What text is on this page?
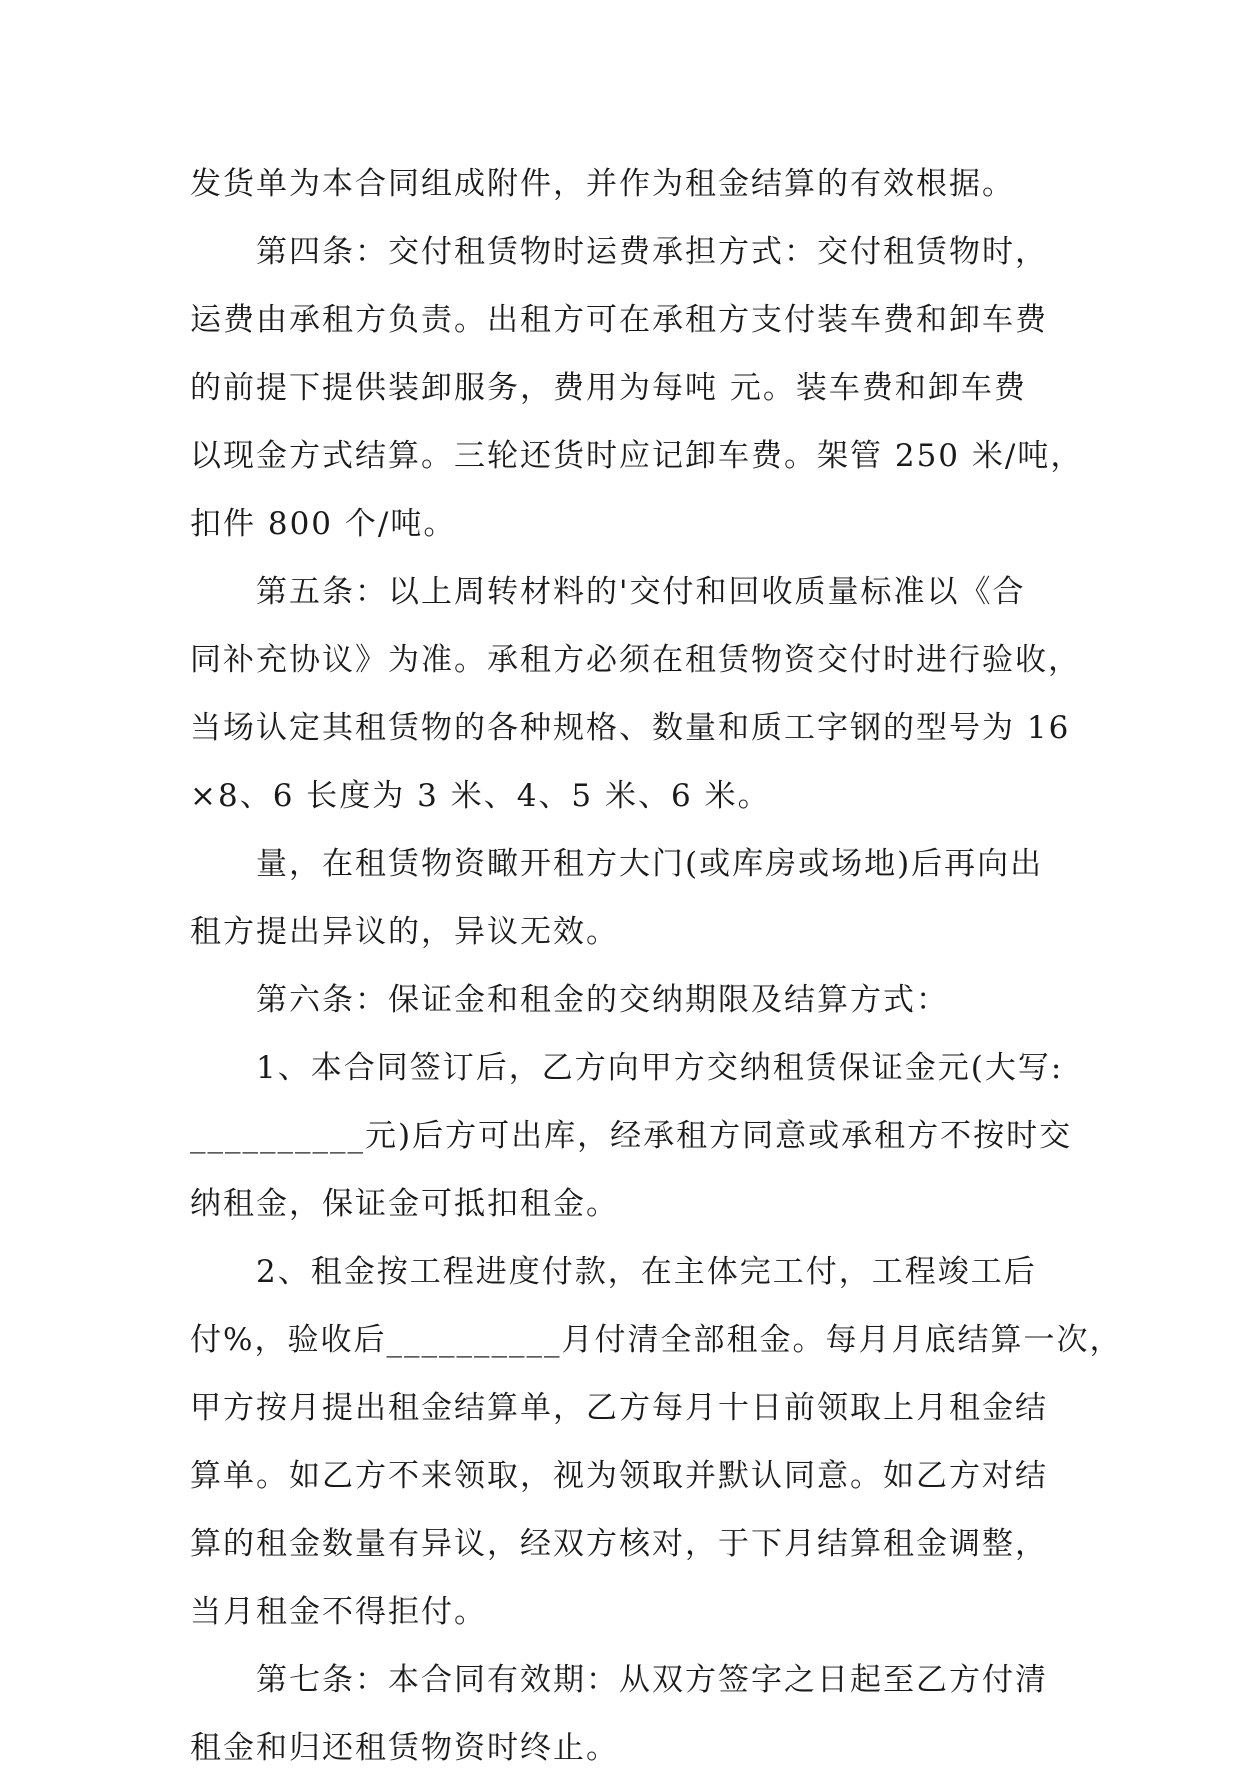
发货单为本合同组成附件，并作为租金结算的有效根据。
第四条：交付租赁物时运费承担方式：交付租赁物时，
运费由承租方负责。出租方可在承租方支付装车费和卸车费
的前提下提供装卸服务，费用为每吨 元。装车费和卸车费
以现金方式结算。三轮还货时应记卸车费。架管 250 米/吨，
扣件 800 个/吨。
第五条：以上周转材料的'交付和回收质量标准以《合
同补充协议》为准。承租方必须在租赁物资交付时进行验收，
当场认定其租赁物的各种规格、数量和质工字钢的型号为 16
×8、6 长度为 3 米、4、5 米、6 米。
量，在租赁物资瞰开租方大门(或库房或场地)后再向出
租方提出异议的，异议无效。
第六条：保证金和租金的交纳期限及结算方式：
1、本合同签订后，乙方向甲方交纳租赁保证金元(大写:
__________元)后方可出库，经承租方同意或承租方不按时交
纳租金，保证金可抵扣租金。
2、租金按工程进度付款，在主体完工付，工程竣工后
付%，验收后__________月付清全部租金。每月月底结算一次，
甲方按月提出租金结算单，乙方每月十日前领取上月租金结
算单。如乙方不来领取，视为领取并默认同意。如乙方对结
算的租金数量有异议，经双方核对，于下月结算租金调整，
当月租金不得拒付。
第七条：本合同有效期：从双方签字之日起至乙方付清
租金和归还租赁物资时终止。
